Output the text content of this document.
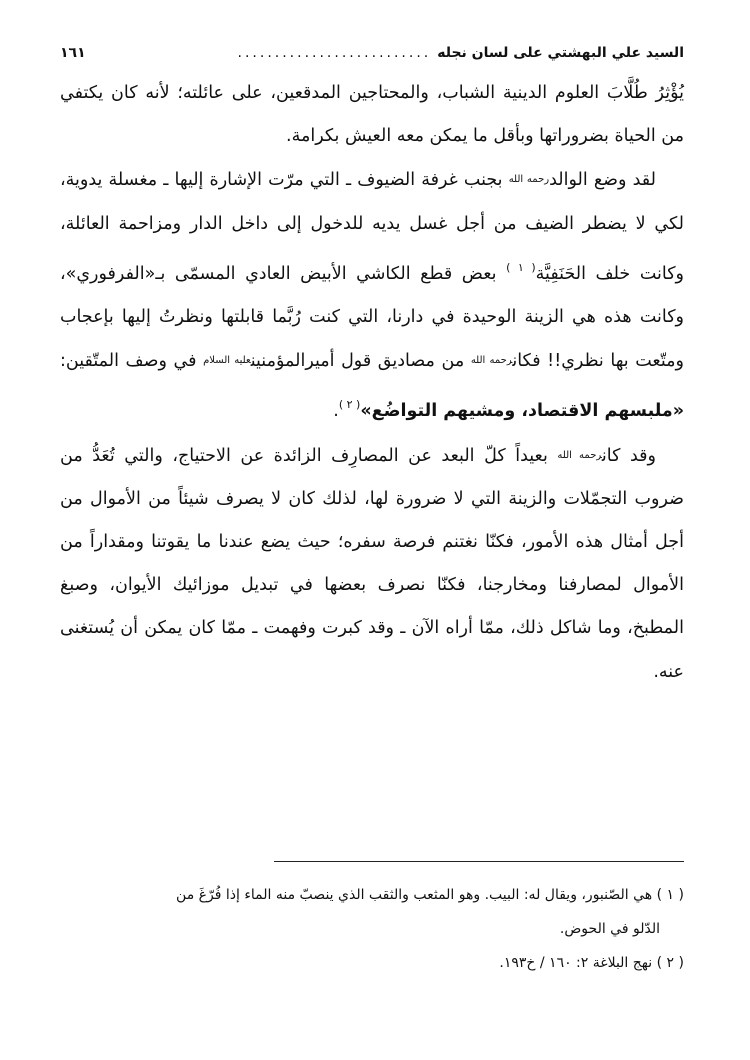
السيد علي البهشتي على لسان نجله
..........................
١٦١

يُؤْثِرُ طُلَّابَ العلوم الدينية الشباب، والمحتاجين المدقعين، على عائلته؛ لأنه كان يكتفي من الحياة بضروراتها وبأقل ما يمكن معه العيش بكرامة.

لقد وضع الوالدرحمه الله بجنب غرفة الضيوف ـ التي مرّت الإشارة إليها ـ مغسلة يدوية، لكي لا يضطر الضيف من أجل غسل يديه للدخول إلى داخل الدار ومزاحمة العائلة، وكانت خلف الحَنَفِيَّة$^{( ١ )}$ بعض قطع الكاشي الأبيض العادي المسمّى بـ«الفرفوري»، وكانت هذه هي الزينة الوحيدة في دارنا، التي كنت رُبَّما قابلتها ونظرتُ إليها بإعجاب ومتّعت بها نظري!! فكانرحمه الله من مصاديق قول أميرالمؤمنينعليه السلام في وصف المتّقين: «ملبسهم الاقتصاد، ومشيهم التواضُع»$^{( ٢ )}$.

وقد كانرحمه الله بعيداً كلّ البعد عن المصارِف الزائدة عن الاحتياج، والتي تُعَدُّ من ضروب التجمّلات والزينة التي لا ضرورة لها، لذلك كان لا يصرف شيئاً من الأموال من أجل أمثال هذه الأمور، فكنّا نغتنم فرصة سفره؛ حيث يضع عندنا ما يقوتنا ومقداراً من الأموال لمصارفنا ومخارجنا، فكنّا نصرف بعضها في تبديل موزائيك الأيوان، وصبغ المطبخ، وما شاكل ذلك، ممّا أراه الآن ـ وقد كبرت وفهمت ـ ممّا كان يمكن أن يُستغنى عنه.

( ١ ) هي الصّنبور، ويقال له: البيب. وهو المثعب والثقب الذي ينصبّ منه الماء إذا فُرّغَ من

الدّلو في الحوض.

( ٢ ) نهج البلاغة ٢: ١٦٠ / خ١٩٣.
